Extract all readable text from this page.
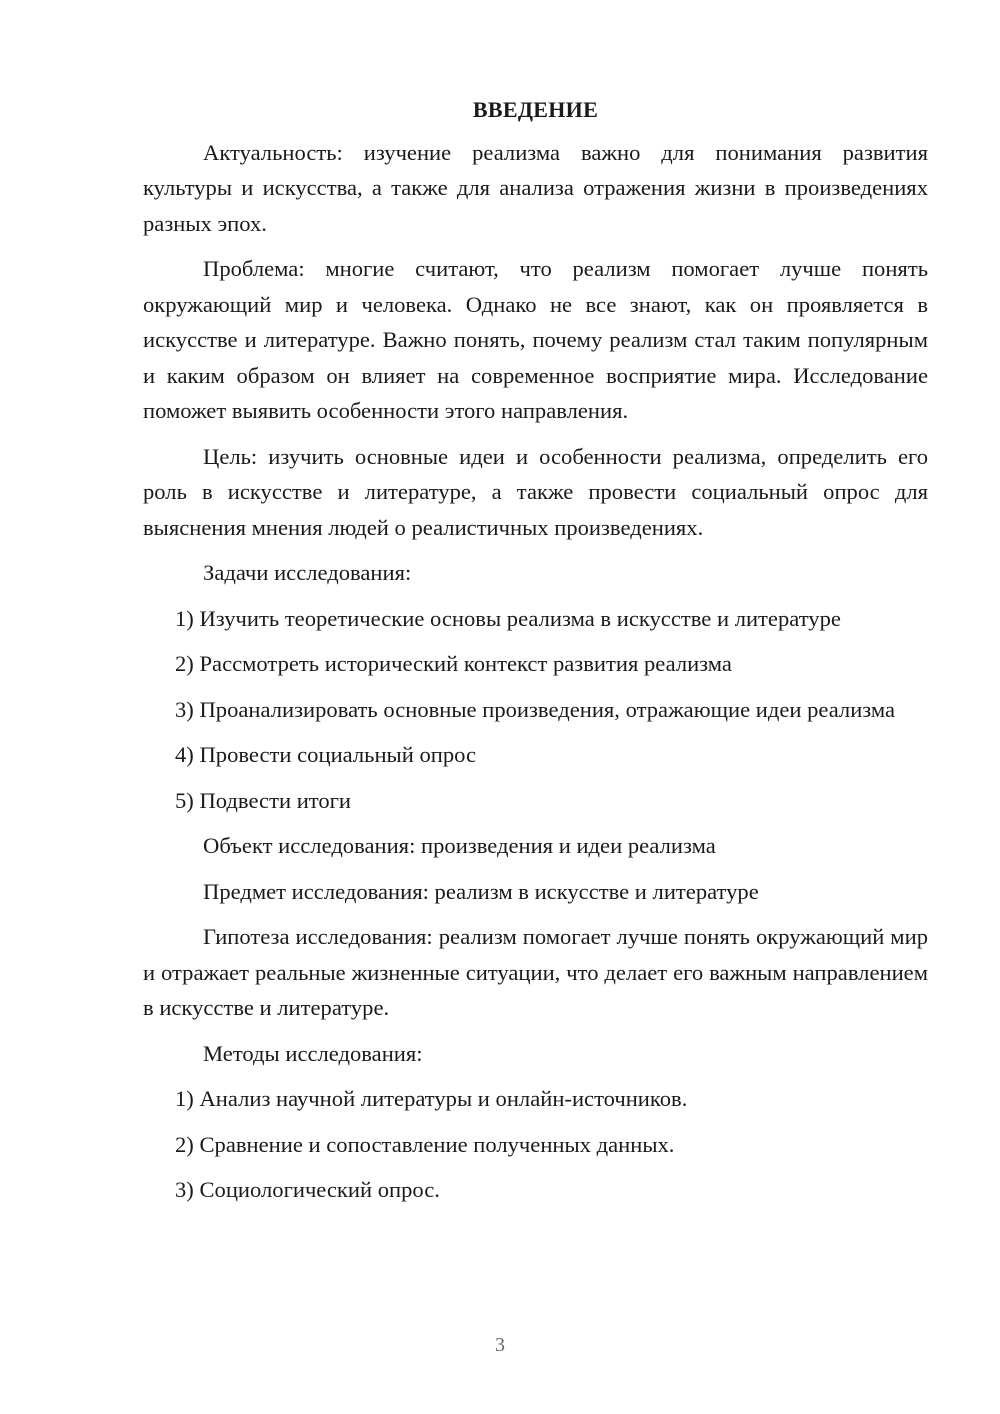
ВВЕДЕНИЕ

Актуальность: изучение реализма важно для понимания развития культуры и искусства, а также для анализа отражения жизни в произведениях разных эпох.

Проблема: многие считают, что реализм помогает лучше понять окружающий мир и человека. Однако не все знают, как он проявляется в искусстве и литературе. Важно понять, почему реализм стал таким популярным и каким образом он влияет на современное восприятие мира. Исследование поможет выявить особенности этого направления.

Цель: изучить основные идеи и особенности реализма, определить его роль в искусстве и литературе, а также провести социальный опрос для выяснения мнения людей о реалистичных произведениях.

Задачи исследования:

1) Изучить теоретические основы реализма в искусстве и литературе

2) Рассмотреть исторический контекст развития реализма

3) Проанализировать основные произведения, отражающие идеи реализма

4) Провести социальный опрос

5) Подвести итоги

Объект исследования: произведения и идеи реализма

Предмет исследования: реализм в искусстве и литературе

Гипотеза исследования: реализм помогает лучше понять окружающий мир и отражает реальные жизненные ситуации, что делает его важным направлением в искусстве и литературе.

Методы исследования:

1) Анализ научной литературы и онлайн-источников.

2) Сравнение и сопоставление полученных данных.

3) Социологический опрос.

3
